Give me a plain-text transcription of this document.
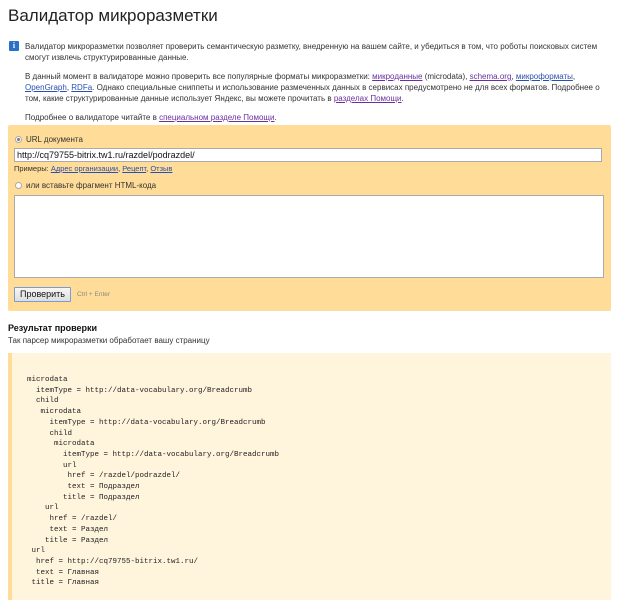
Валидатор микроразметки
i	Валидатор микроразметки позволяет проверить семантическую разметку, внедренную на вашем сайте, и убедиться в том, что роботы поисковых систем смогут извлечь структурированные данные.

В данный момент в валидаторе можно проверить все популярные форматы микроразметки: микроданные (microdata), schema.org, микроформаты, OpenGraph, RDFa. Однако специальные сниппеты и использование размеченных данных в сервисах предусмотрено не для всех форматов. Подробнее о том, какие структурированные данные использует Яндекс, вы можете прочитать в разделах Помощи.

Подробнее о валидаторе читайте в специальном разделе Помощи.

URL документа
http://cq79755-bitrix.tw1.ru/razdel/podrazdel/
Примеры: Адрес организации, Рецепт, Отзыв
или вставьте фрагмент HTML-кода
Проверить	Ctrl + Enter
Результат проверки
Так парсер микроразметки обработает вашу страницу
microdata
itemType = http://data-vocabulary.org/Breadcrumb
child
microdata
itemType = http://data-vocabulary.org/Breadcrumb
child
microdata
itemType = http://data-vocabulary.org/Breadcrumb
url
href = /razdel/podrazdel/
text = Подраздел
title = Подраздел
url
href = /razdel/
text = Раздел
title = Раздел
url
href = http://cq79755-bitrix.tw1.ru/
text = Главная
title = Главная
